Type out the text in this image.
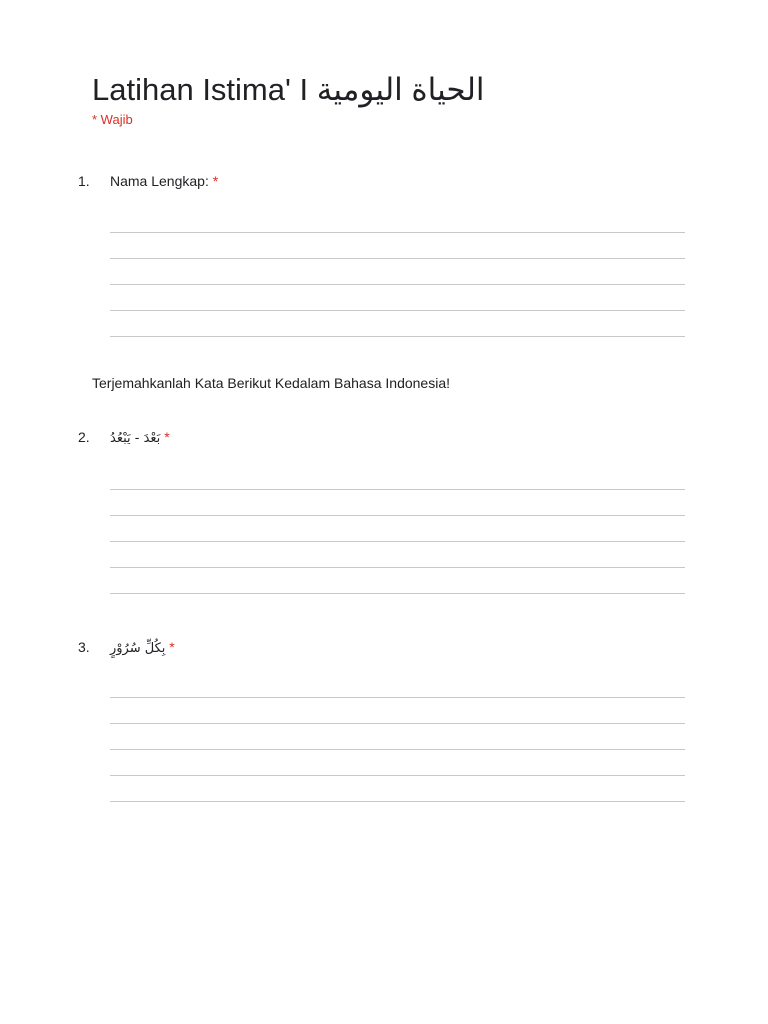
Latihan Istima' I الحياة اليومية
* Wajib
1. Nama Lengkap: *
Terjemahkanlah Kata Berikut Kedalam Bahasa Indonesia!
2. بَعْدَ - يَبْعُدُ *
3. بِكُلِّ سُرُوْرٍ *
